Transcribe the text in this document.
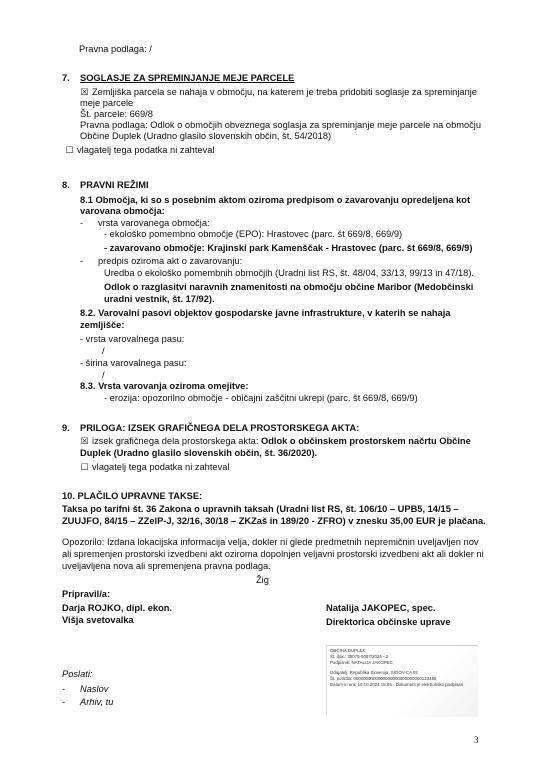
Pravna podlaga: /
7. SOGLASJE ZA SPREMINJANJE MEJE PARCELE
☒ Zemljiška parcela se nahaja v območju, na katerem je treba pridobiti soglasje za spreminjanje
meje parcele
Št. parcele: 669/8
Pravna podlaga: Odlok o območjih obveznega soglasja za spreminjanje meje parcele na območju
Občine Duplek (Uradno glasilo slovenskih občin, št. 54/2018)
☐ vlagatelj tega podatka ni zahteval
8. PRAVNI REŽIMI
8.1 Območja, ki so s posebnim aktom oziroma predpisom o zavarovanju opredeljena kot
varovana območja:
- vrsta varovanega območja:
- ekološko pomembno območje (EPO): Hrastovec (parc. št 669/8, 669/9)
- zavarovano območje: Krajinski park Kamenščak - Hrastovec (parc. št 669/8, 669/9)
- predpis oziroma akt o zavarovanju:
Uredba o ekološko pomembnih območjih (Uradni list RS, št. 48/04, 33/13, 99/13 in 47/18).
Odlok o razglasitvi naravnih znamenitosti na območju občine Maribor (Medobčinski
uradni vestnik, št. 17/92).
8.2. Varovalni pasovi objektov gospodarske javne infrastrukture, v katerih se nahaja
zemljišče:
- vrsta varovalnega pasu:
/
- širina varovalnega pasu:
/
8.3. Vrsta varovanja oziroma omejitve:
- erozija: opozorilno območje - običajni zaščitni ukrepi (parc. št 669/8, 669/9)
9. PRILOGA: IZSEK GRAFIČNEGA DELA PROSTORSKEGA AKTA:
☒ izsek grafičnega dela prostorskega akta: Odlok o občinskem prostorskem načrtu Občine
Duplek (Uradno glasilo slovenskih občin, št. 36/2020).
☐ vlagatelj tega podatka ni zahteval
10. PLAČILO UPRAVNE TAKSE:
Taksa po tarifni št. 36 Zakona o upravnih taksah (Uradni list RS, št. 106/10 – UPB5, 14/15 –
ZUUJFO, 84/15 – ZZelP-J, 32/16, 30/18 – ZKZaš in 189/20 - ZFRO) v znesku 35,00 EUR je plačana.
Opozorilo: Izdana lokacijska informacija velja, dokler ni glede predmetnih nepremičnin uveljavljen nov
ali spremenjen prostorski izvedbeni akt oziroma dopolnjen veljavni prostorski izvedbeni akt ali dokler ni
uveljavljena nova ali spremenjena pravna podlaga.
Žig
Pripravil/a:
Darja ROJKO, dipl. ekon.
Višja svetovalka
Natalija JAKOPEC, spec.
Direktorica občinske uprave
OBČINA DUPLEK
Št. dok.: 35075-0097/2024 - 2
Podpisnik: NATALIJA JAKOPEC
Izdajatelj: Republika Slovenija, SIGOV-CA 02
Št. potrdila: 0000000000000000000000000000123456
Datum in ura: 10.10.2024 15:05 - Dokument je elektronsko podpisan
Poslati:
- Naslov
- Arhiv, tu
3
